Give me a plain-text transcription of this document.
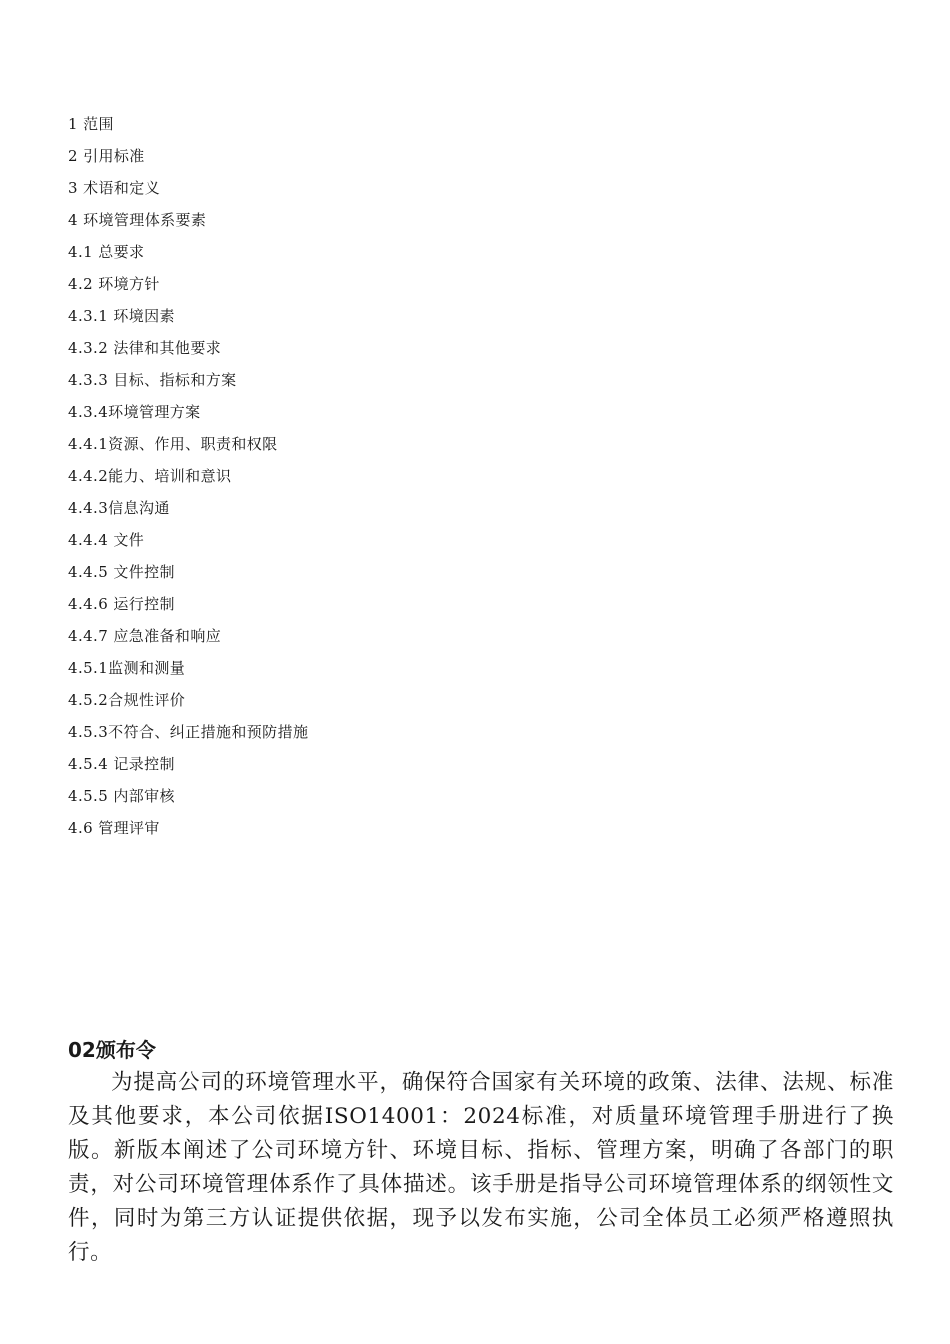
1 范围
2 引用标准
3 术语和定义
4 环境管理体系要素
4.1 总要求
4.2 环境方针
4.3.1 环境因素
4.3.2 法律和其他要求
4.3.3 目标、指标和方案
4.3.4环境管理方案
4.4.1资源、作用、职责和权限
4.4.2能力、培训和意识
4.4.3信息沟通
4.4.4 文件
4.4.5 文件控制
4.4.6 运行控制
4.4.7 应急准备和响应
4.5.1监测和测量
4.5.2合规性评价
4.5.3不符合、纠正措施和预防措施
4.5.4 记录控制
4.5.5 内部审核
4.6 管理评审
02颁布令

为提高公司的环境管理水平，确保符合国家有关环境的政策、法律、法规、标准及其他要求，本公司依据ISO14001：2024标准，对质量环境管理手册进行了换版。新版本阐述了公司环境方针、环境目标、指标、管理方案，明确了各部门的职责，对公司环境管理体系作了具体描述。该手册是指导公司环境管理体系的纲领性文件，同时为第三方认证提供依据，现予以发布实施，公司全体员工必须严格遵照执行。
